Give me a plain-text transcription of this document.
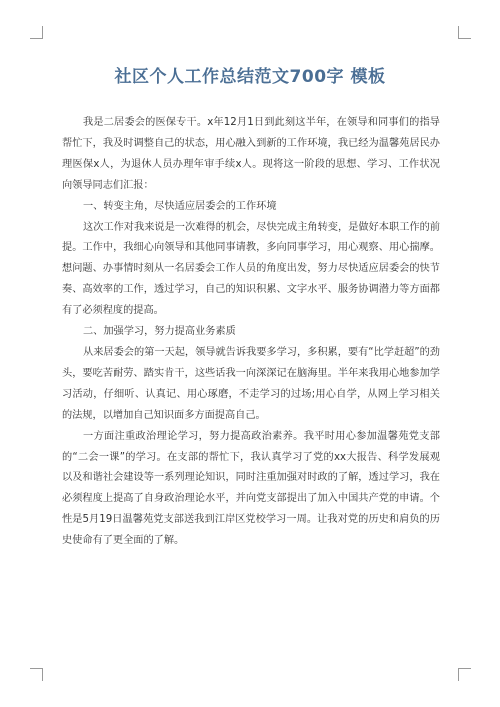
社区个人工作总结范文700字 模板

我是二居委会的医保专干。x年12月1日到此刻这半年，在领导和同事们的指导帮忙下，我及时调整自己的状态，用心融入到新的工作环境，我已经为温馨苑居民办理医保x人，为退休人员办理年审手续x人。现将这一阶段的思想、学习、工作状况向领导同志们汇报：

一、转变主角，尽快适应居委会的工作环境

这次工作对我来说是一次难得的机会，尽快完成主角转变，是做好本职工作的前提。工作中，我细心向领导和其他同事请教，多向同事学习，用心观察、用心揣摩。想问题、办事情时刻从一名居委会工作人员的角度出发，努力尽快适应居委会的快节奏、高效率的工作，透过学习，自己的知识积累、文字水平、服务协调潜力等方面都有了必须程度的提高。

二、加强学习，努力提高业务素质

从来居委会的第一天起，领导就告诉我要多学习，多积累，要有“比学赶超”的劲头，要吃苦耐劳、踏实肯干，这些话我一向深深记在脑海里。半年来我用心地参加学习活动，仔细听、认真记、用心琢磨，不走学习的过场;用心自学，从网上学习相关的法规，以增加自己知识面多方面提高自己。

一方面注重政治理论学习，努力提高政治素养。我平时用心参加温馨苑党支部的“二会一课”的学习。在支部的帮忙下，我认真学习了党的xx大报告、科学发展观以及和谐社会建设等一系列理论知识，同时注重加强对时政的了解，透过学习，我在必须程度上提高了自身政治理论水平，并向党支部提出了加入中国共产党的申请。个性是5月19日温馨苑党支部送我到江岸区党校学习一周。让我对党的历史和肩负的历史使命有了更全面的了解。
